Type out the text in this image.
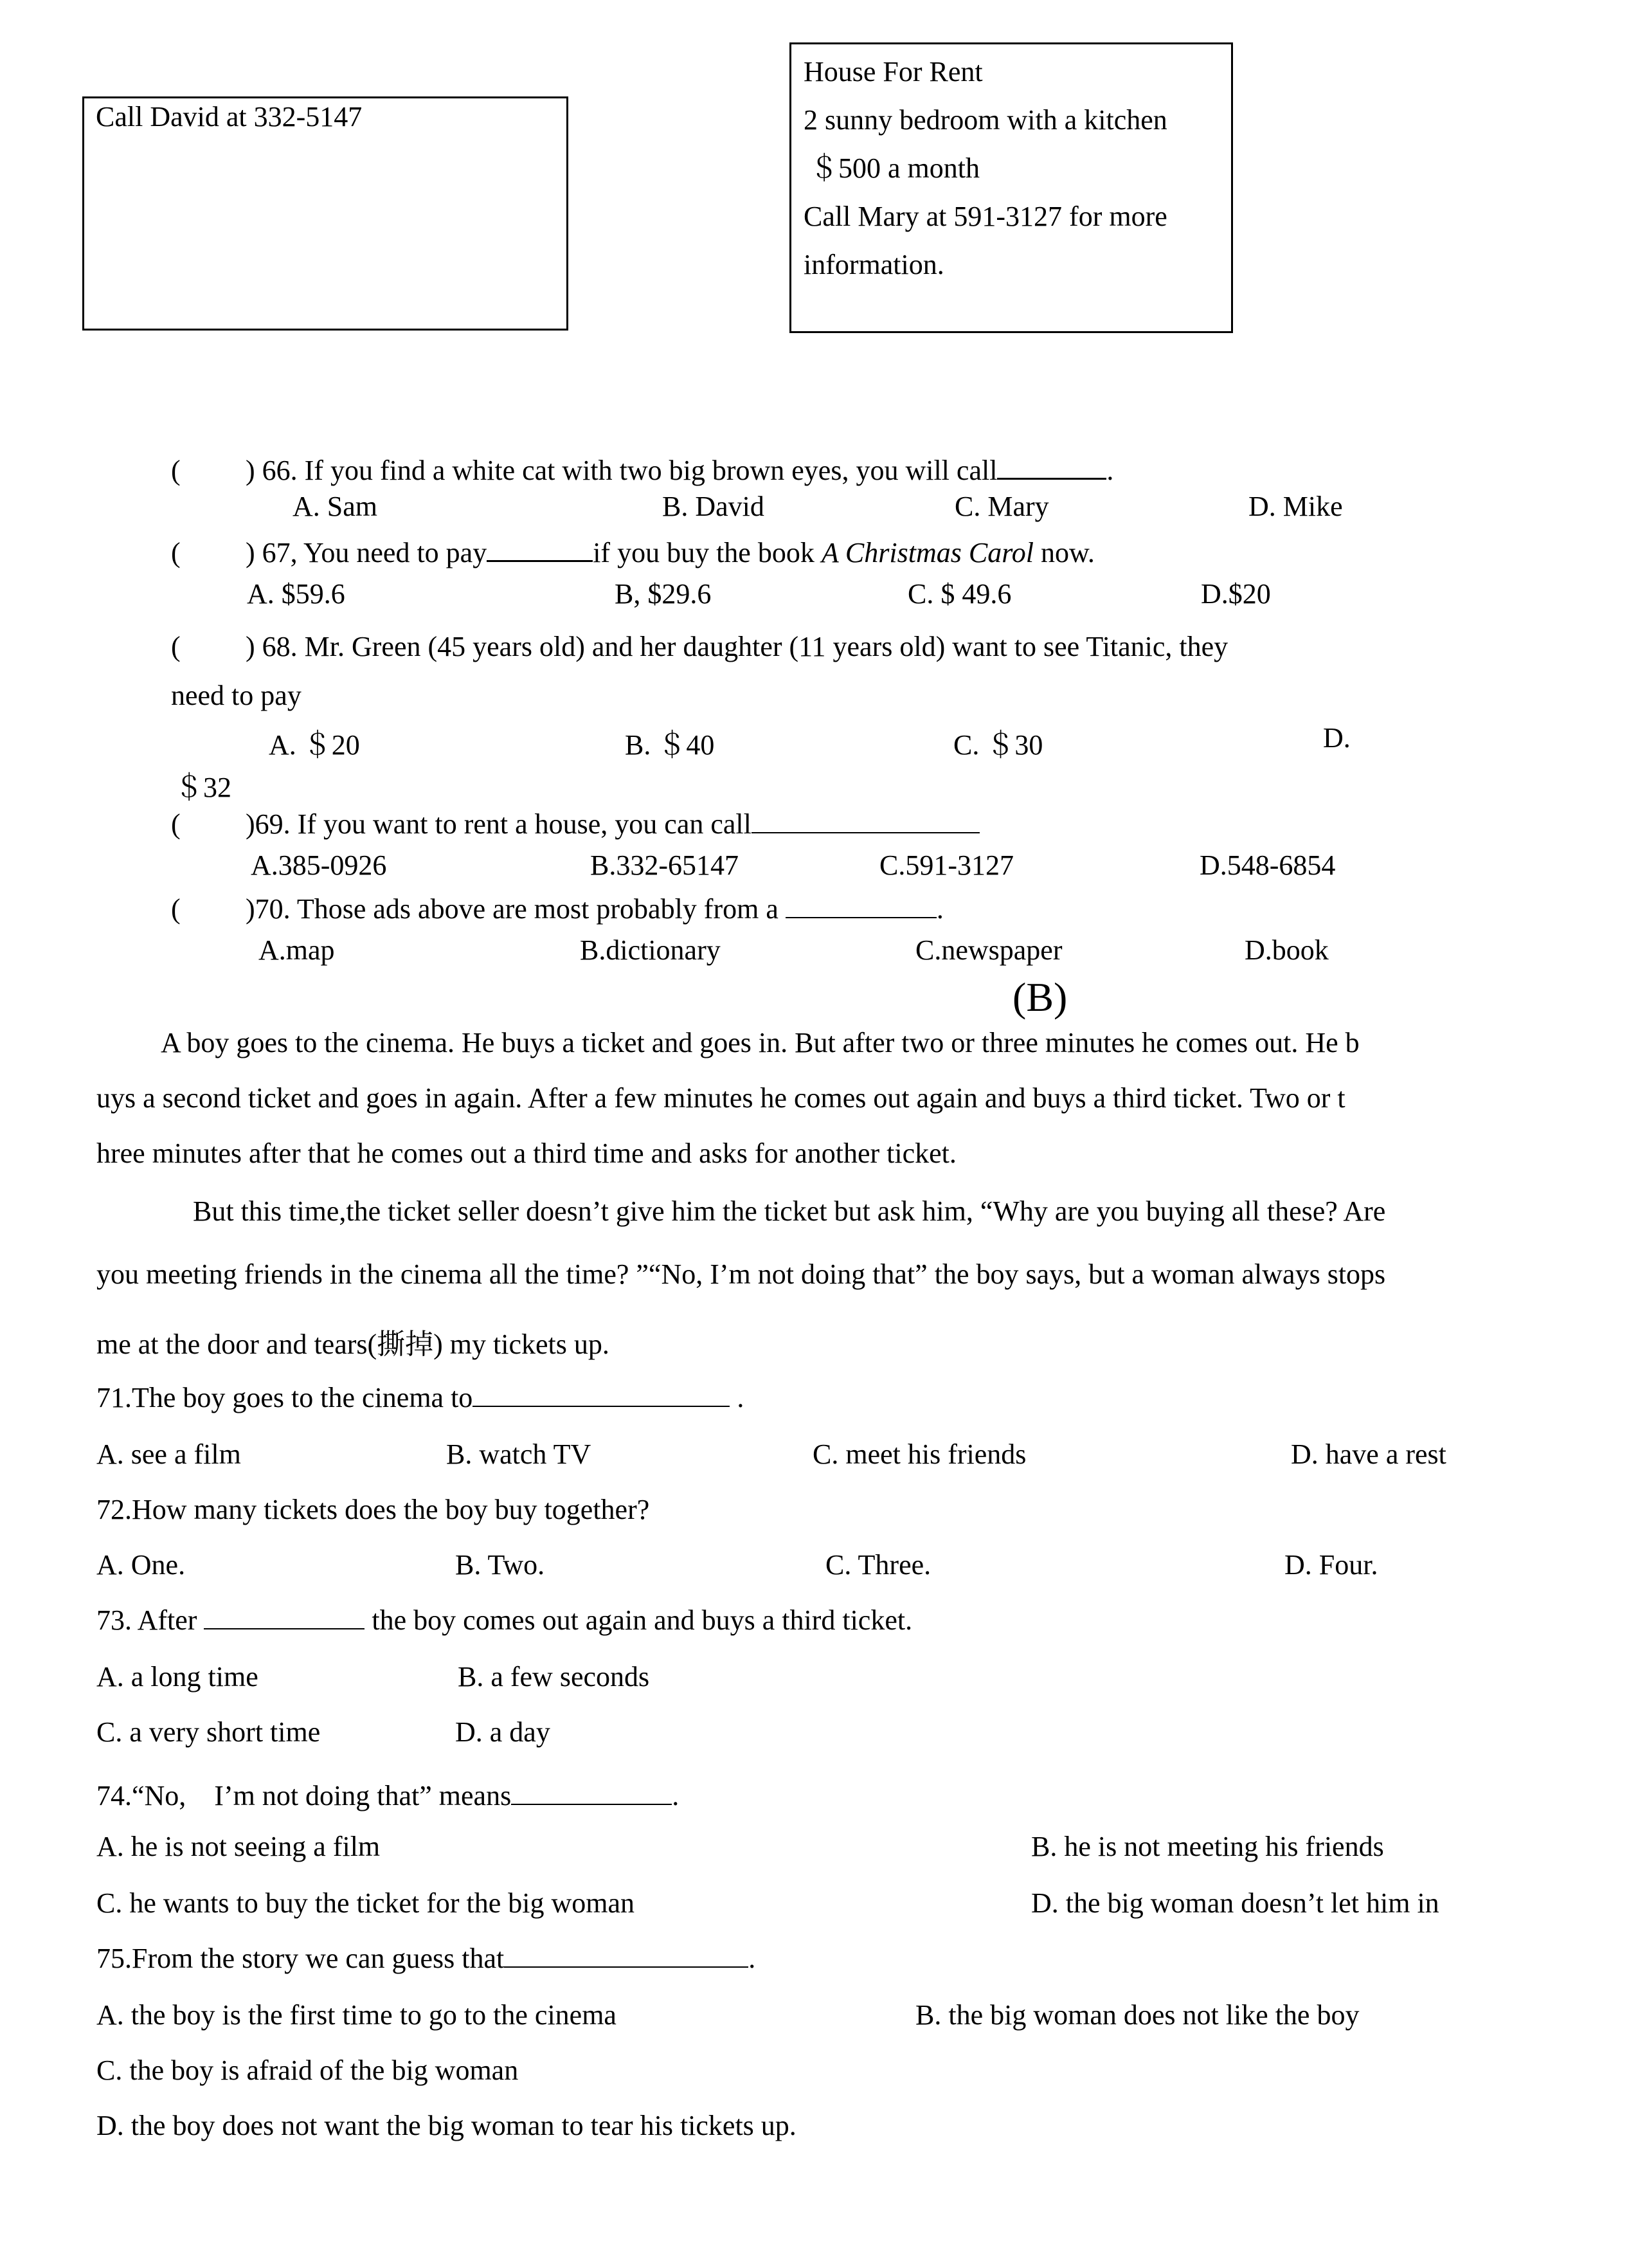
Call David at 332-5147
House For Rent
2 sunny bedroom with a kitchen
＄500 a month
Call Mary at 591-3127 for more
information.
( ) 66. If you find a white cat with two big brown eyes, you will call	.
A. Sam	B. David	C. Mary	D. Mike
( ) 67, You need to pay	if you buy the book A Christmas Carol now.
A. $59.6	B, $29.6	C. $ 49.6	D.$20
( ) 68. Mr. Green (45 years old) and her daughter (11 years old) want to see Titanic, they
need to pay
A. ＄20	B. ＄40	C. ＄30	D.
＄32
( )69. If you want to rent a house, you can call
A.385-0926	B.332-65147	C.591-3127	D.548-6854
( )70. Those ads above are most probably from a	.
A.map	B.dictionary	C.newspaper	D.book
(B)
A boy goes to the cinema. He buys a ticket and goes in. But after two or three minutes he comes out. He b
uys a second ticket and goes in again. After a few minutes he comes out again and buys a third ticket. Two or t
hree minutes after that he comes out a third time and asks for another ticket.
But this time,the ticket seller doesn’t give him the ticket but ask him, “Why are you buying all these? Are
you meeting friends in the cinema all the time? ”“No, I’m not doing that” the boy says, but a woman always stops
me at the door and tears(撕掉) my tickets up.
71.The boy goes to the cinema to	.
A. see a film	B. watch TV	C. meet his friends	D. have a rest
72.How many tickets does the boy buy together?
A. One.	B. Two.	C. Three.	D. Four.
73. After	the boy comes out again and buys a third ticket.
A. a long time	B. a few seconds
C. a very short time	D. a day
74.“No,　I’m not doing that” means	.
A. he is not seeing a film	B. he is not meeting his friends
C. he wants to buy the ticket for the big woman	D. the big woman doesn’t let him in
75.From the story we can guess that	.
A. the boy is the first time to go to the cinema	B. the big woman does not like the boy
C. the boy is afraid of the big woman
D. the boy does not want the big woman to tear his tickets up.
